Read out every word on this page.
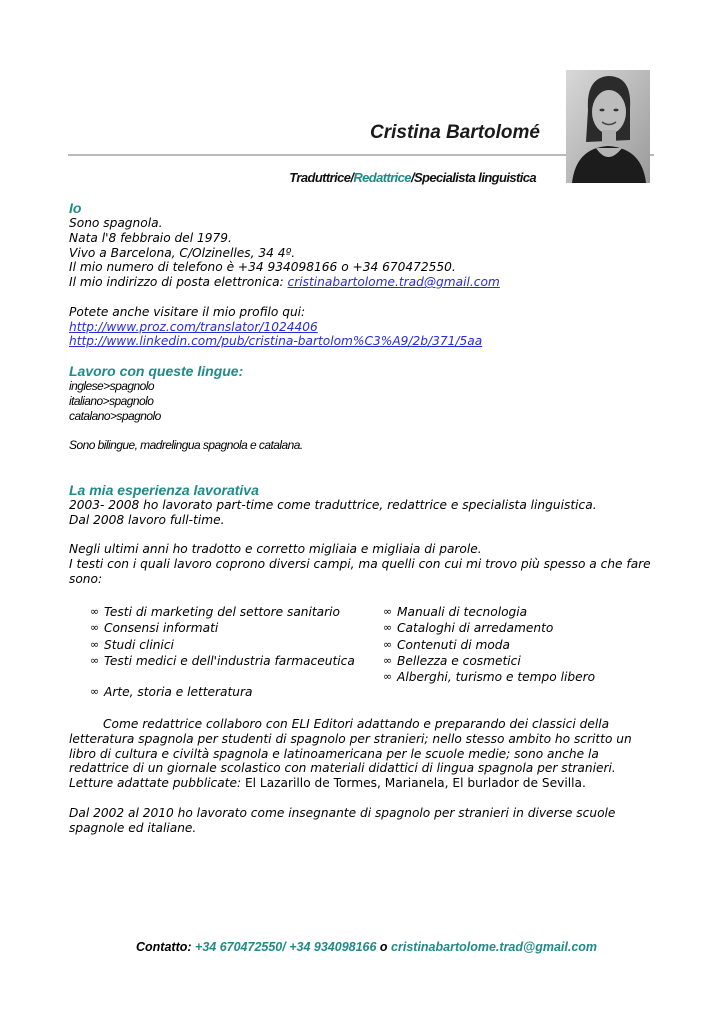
Cristina Bartolomé
Traduttrice/Redattrice/Specialista linguistica
Io
Sono spagnola.
Nata l'8 febbraio del 1979.
Vivo a Barcelona, C/Olzinelles, 34 4º.
Il mio numero di telefono è +34 934098166 o +34 670472550.
Il mio indirizzo di posta elettronica: cristinabartolome.trad@gmail.com
Potete anche visitare il mio profilo qui:
http://www.proz.com/translator/1024406
http://www.linkedin.com/pub/cristina-bartolom%C3%A9/2b/371/5aa
Lavoro con queste lingue:
inglese>spagnolo
italiano>spagnolo
catalano>spagnolo
Sono bilingue, madrelingua spagnola e catalana.
La mia esperienza lavorativa
2003- 2008 ho lavorato part-time come traduttrice, redattrice e specialista linguistica.
Dal 2008 lavoro full-time.
Negli ultimi anni ho tradotto e corretto migliaia e migliaia di parole.
I testi con i quali lavoro coprono diversi campi, ma quelli con cui mi trovo più spesso a che fare
sono:
∞ Testi di marketing del settore sanitario
∞ Consensi informati
∞ Studi clinici
∞ Testi medici e dell'industria farmaceutica
∞ Arte, storia e letteratura
∞ Manuali di tecnologia
∞ Cataloghi di arredamento
∞ Contenuti di moda
∞ Bellezza e cosmetici
∞ Alberghi, turismo e tempo libero
Come redattrice collaboro con ELI Editori adattando e preparando dei classici della
letteratura spagnola per studenti di spagnolo per stranieri; nello stesso ambito ho scritto un
libro di cultura e civiltà spagnola e latinoamericana per le scuole medie; sono anche la
redattrice di un giornale scolastico con materiali didattici di lingua spagnola per stranieri.
Letture adattate pubblicate: El Lazarillo de Tormes, Marianela, El burlador de Sevilla.
Dal 2002 al 2010 ho lavorato come insegnante di spagnolo per stranieri in diverse scuole
spagnole ed italiane.
Contatto: +34 670472550/ +34 934098166 o cristinabartolome.trad@gmail.com
